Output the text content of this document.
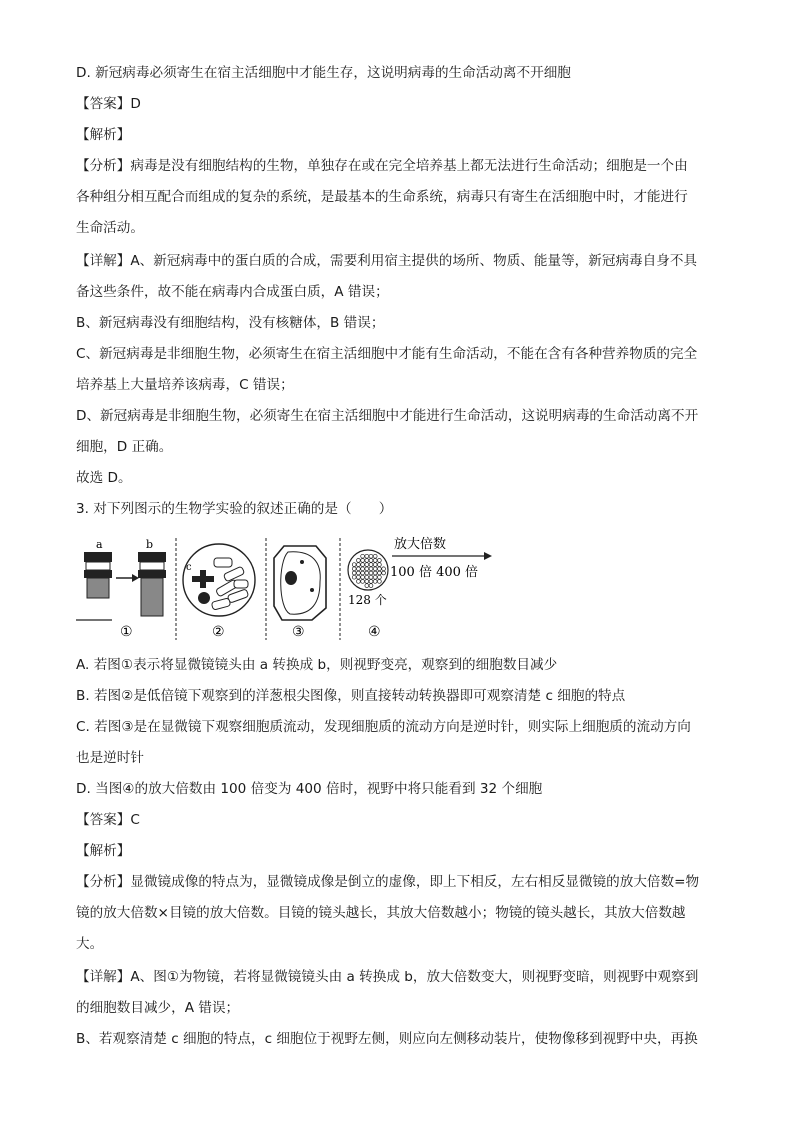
D. 新冠病毒必须寄生在宿主活细胞中才能生存，这说明病毒的生命活动离不开细胞
【答案】D
【解析】
【分析】病毒是没有细胞结构的生物，单独存在或在完全培养基上都无法进行生命活动；细胞是一个由
各种组分相互配合而组成的复杂的系统，是最基本的生命系统，病毒只有寄生在活细胞中时，才能进行
生命活动。
【详解】A、新冠病毒中的蛋白质的合成，需要利用宿主提供的场所、物质、能量等，新冠病毒自身不具
备这些条件，故不能在病毒内合成蛋白质，A 错误；
B、新冠病毒没有细胞结构，没有核糖体，B 错误；
C、新冠病毒是非细胞生物，必须寄生在宿主活细胞中才能有生命活动，不能在含有各种营养物质的完全
培养基上大量培养该病毒，C 错误；
D、新冠病毒是非细胞生物，必须寄生在宿主活细胞中才能进行生命活动，这说明病毒的生命活动离不开
细胞，D 正确。
故选 D。
3. 对下列图示的生物学实验的叙述正确的是（　　）
a	b
①
c
②	③
放大倍数
100 倍 400 倍
128 个
④
A. 若图①表示将显微镜镜头由 a 转换成 b，则视野变亮，观察到的细胞数目减少
B. 若图②是低倍镜下观察到的洋葱根尖图像，则直接转动转换器即可观察清楚 c 细胞的特点
C. 若图③是在显微镜下观察细胞质流动，发现细胞质的流动方向是逆时针，则实际上细胞质的流动方向
也是逆时针
D. 当图④的放大倍数由 100 倍变为 400 倍时，视野中将只能看到 32 个细胞
【答案】C
【解析】
【分析】显微镜成像的特点为，显微镜成像是倒立的虚像，即上下相反，左右相反显微镜的放大倍数=物
镜的放大倍数×目镜的放大倍数。目镜的镜头越长，其放大倍数越小；物镜的镜头越长，其放大倍数越
大。
【详解】A、图①为物镜，若将显微镜镜头由 a 转换成 b，放大倍数变大，则视野变暗，则视野中观察到
的细胞数目减少，A 错误；
B、若观察清楚 c 细胞的特点，c 细胞位于视野左侧，则应向左侧移动装片，使物像移到视野中央，再换
